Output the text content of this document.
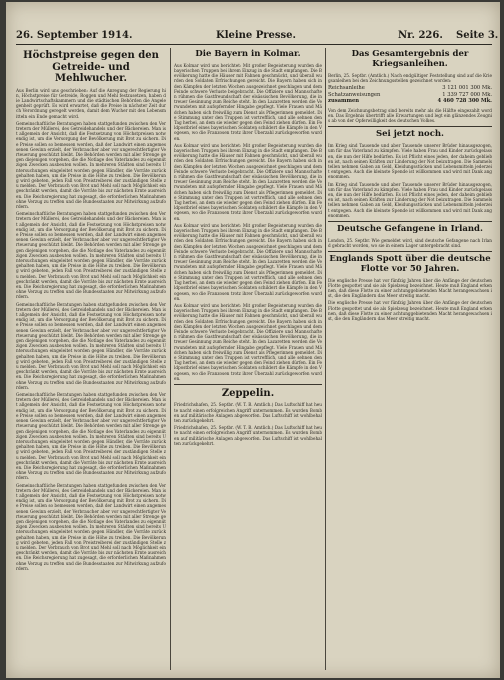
26. September 1914.	Kleine Presse.	Nr. 226. Seite 3.
Höchstpreise gegen den Getreide- und Mehlwucher.

Aus Berlin wird uns geschrieben: Auf die Anregung der Regierung hin, Höchstpreise für Getreide, Roggen und Mehl festzusetzen, haben die Landwirtschaftskammern und die städtischen Behörden die Angelegenheit geprüft. Es wird erwartet, daß die Preise in nächster Zeit durch Verordnung geregelt werden, damit dem Wucher mit den Lebensmitteln ein Ende gemacht wird.

Gemeinschaftliche Beratungen haben stattgefunden zwischen den Vertretern der Müllerei, des Getreidehandels und der Bäckereien. Man ist allgemein der Ansicht, daß die Festsetzung von Höchstpreisen notwendig ist, um die Versorgung der Bevölkerung mit Brot zu sichern. Die Preise sollen so bemessen werden, daß der Landwirt einen angemessenen Gewinn erzielt, der Verbraucher aber vor ungerechtfertigter Verteuerung geschützt bleibt. Die Behörden werden mit aller Strenge gegen diejenigen vorgehen, die die Notlage des Vaterlandes zu eigennützigen Zwecken ausbeuten wollen. In mehreren Städten sind bereits Untersuchungen eingeleitet worden gegen Händler, die Vorräte zurückgehalten haben, um die Preise in die Höhe zu treiben. Die Bevölkerung wird gebeten, jeden Fall von Preistreiberei der zuständigen Stelle zu melden. Der Verbrauch von Brot und Mehl soll nach Möglichkeit eingeschränkt werden, damit die Vorräte bis zur nächsten Ernte ausreichen. Die Reichsregierung hat zugesagt, die erforderlichen Maßnahmen ohne Verzug zu treffen und die Bundesstaaten zur Mitwirkung aufzufordern.

Gemeinschaftliche Beratungen haben stattgefunden zwischen den Vertretern der Müllerei, des Getreidehandels und der Bäckereien. Man ist allgemein der Ansicht, daß die Festsetzung von Höchstpreisen notwendig ist, um die Versorgung der Bevölkerung mit Brot zu sichern. Die Preise sollen so bemessen werden, daß der Landwirt einen angemessenen Gewinn erzielt, der Verbraucher aber vor ungerechtfertigter Verteuerung geschützt bleibt. Die Behörden werden mit aller Strenge gegen diejenigen vorgehen, die die Notlage des Vaterlandes zu eigennützigen Zwecken ausbeuten wollen. In mehreren Städten sind bereits Untersuchungen eingeleitet worden gegen Händler, die Vorräte zurückgehalten haben, um die Preise in die Höhe zu treiben. Die Bevölkerung wird gebeten, jeden Fall von Preistreiberei der zuständigen Stelle zu melden. Der Verbrauch von Brot und Mehl soll nach Möglichkeit eingeschränkt werden, damit die Vorräte bis zur nächsten Ernte ausreichen. Die Reichsregierung hat zugesagt, die erforderlichen Maßnahmen ohne Verzug zu treffen und die Bundesstaaten zur Mitwirkung aufzufordern.

Gemeinschaftliche Beratungen haben stattgefunden zwischen den Vertretern der Müllerei, des Getreidehandels und der Bäckereien. Man ist allgemein der Ansicht, daß die Festsetzung von Höchstpreisen notwendig ist, um die Versorgung der Bevölkerung mit Brot zu sichern. Die Preise sollen so bemessen werden, daß der Landwirt einen angemessenen Gewinn erzielt, der Verbraucher aber vor ungerechtfertigter Verteuerung geschützt bleibt. Die Behörden werden mit aller Strenge gegen diejenigen vorgehen, die die Notlage des Vaterlandes zu eigennützigen Zwecken ausbeuten wollen. In mehreren Städten sind bereits Untersuchungen eingeleitet worden gegen Händler, die Vorräte zurückgehalten haben, um die Preise in die Höhe zu treiben. Die Bevölkerung wird gebeten, jeden Fall von Preistreiberei der zuständigen Stelle zu melden. Der Verbrauch von Brot und Mehl soll nach Möglichkeit eingeschränkt werden, damit die Vorräte bis zur nächsten Ernte ausreichen. Die Reichsregierung hat zugesagt, die erforderlichen Maßnahmen ohne Verzug zu treffen und die Bundesstaaten zur Mitwirkung aufzufordern.

Gemeinschaftliche Beratungen haben stattgefunden zwischen den Vertretern der Müllerei, des Getreidehandels und der Bäckereien. Man ist allgemein der Ansicht, daß die Festsetzung von Höchstpreisen notwendig ist, um die Versorgung der Bevölkerung mit Brot zu sichern. Die Preise sollen so bemessen werden, daß der Landwirt einen angemessenen Gewinn erzielt, der Verbraucher aber vor ungerechtfertigter Verteuerung geschützt bleibt. Die Behörden werden mit aller Strenge gegen diejenigen vorgehen, die die Notlage des Vaterlandes zu eigennützigen Zwecken ausbeuten wollen. In mehreren Städten sind bereits Untersuchungen eingeleitet worden gegen Händler, die Vorräte zurückgehalten haben, um die Preise in die Höhe zu treiben. Die Bevölkerung wird gebeten, jeden Fall von Preistreiberei der zuständigen Stelle zu melden. Der Verbrauch von Brot und Mehl soll nach Möglichkeit eingeschränkt werden, damit die Vorräte bis zur nächsten Ernte ausreichen. Die Reichsregierung hat zugesagt, die erforderlichen Maßnahmen ohne Verzug zu treffen und die Bundesstaaten zur Mitwirkung aufzufordern.

Gemeinschaftliche Beratungen haben stattgefunden zwischen den Vertretern der Müllerei, des Getreidehandels und der Bäckereien. Man ist allgemein der Ansicht, daß die Festsetzung von Höchstpreisen notwendig ist, um die Versorgung der Bevölkerung mit Brot zu sichern. Die Preise sollen so bemessen werden, daß der Landwirt einen angemessenen Gewinn erzielt, der Verbraucher aber vor ungerechtfertigter Verteuerung geschützt bleibt. Die Behörden werden mit aller Strenge gegen diejenigen vorgehen, die die Notlage des Vaterlandes zu eigennützigen Zwecken ausbeuten wollen. In mehreren Städten sind bereits Untersuchungen eingeleitet worden gegen Händler, die Vorräte zurückgehalten haben, um die Preise in die Höhe zu treiben. Die Bevölkerung wird gebeten, jeden Fall von Preistreiberei der zuständigen Stelle zu melden. Der Verbrauch von Brot und Mehl soll nach Möglichkeit eingeschränkt werden, damit die Vorräte bis zur nächsten Ernte ausreichen. Die Reichsregierung hat zugesagt, die erforderlichen Maßnahmen ohne Verzug zu treffen und die Bundesstaaten zur Mitwirkung aufzufordern.

Die Bayern in Kolmar.

Aus Kolmar wird uns berichtet: Mit großer Begeisterung wurden die bayerischen Truppen bei ihrem Einzug in die Stadt empfangen. Die Bevölkerung hatte die Häuser mit Fahnen geschmückt, und überall wurden den Soldaten Erfrischungen gereicht. Die Bayern haben sich in den Kämpfen der letzten Wochen ausgezeichnet geschlagen und dem Feinde schwere Verluste beigebracht. Die Offiziere und Mannschaften rühmen die Gastfreundschaft der elsässischen Bevölkerung, die in treuer Gesinnung zum Reiche steht. In den Lazaretten werden die Verwundeten mit aufopfernder Hingabe gepflegt. Viele Frauen und Mädchen haben sich freiwillig zum Dienst als Pflegerinnen gemeldet. Die Stimmung unter den Truppen ist vortrefflich, und alle sehnen den Tag herbei, an dem sie wieder gegen den Feind ziehen dürfen. Ein Feldpostbrief eines bayerischen Soldaten schildert die Kämpfe in den Vogesen, wo die Franzosen trotz ihrer Überzahl zurückgeworfen wurden.

Aus Kolmar wird uns berichtet: Mit großer Begeisterung wurden die bayerischen Truppen bei ihrem Einzug in die Stadt empfangen. Die Bevölkerung hatte die Häuser mit Fahnen geschmückt, und überall wurden den Soldaten Erfrischungen gereicht. Die Bayern haben sich in den Kämpfen der letzten Wochen ausgezeichnet geschlagen und dem Feinde schwere Verluste beigebracht. Die Offiziere und Mannschaften rühmen die Gastfreundschaft der elsässischen Bevölkerung, die in treuer Gesinnung zum Reiche steht. In den Lazaretten werden die Verwundeten mit aufopfernder Hingabe gepflegt. Viele Frauen und Mädchen haben sich freiwillig zum Dienst als Pflegerinnen gemeldet. Die Stimmung unter den Truppen ist vortrefflich, und alle sehnen den Tag herbei, an dem sie wieder gegen den Feind ziehen dürfen. Ein Feldpostbrief eines bayerischen Soldaten schildert die Kämpfe in den Vogesen, wo die Franzosen trotz ihrer Überzahl zurückgeworfen wurden.

Aus Kolmar wird uns berichtet: Mit großer Begeisterung wurden die bayerischen Truppen bei ihrem Einzug in die Stadt empfangen. Die Bevölkerung hatte die Häuser mit Fahnen geschmückt, und überall wurden den Soldaten Erfrischungen gereicht. Die Bayern haben sich in den Kämpfen der letzten Wochen ausgezeichnet geschlagen und dem Feinde schwere Verluste beigebracht. Die Offiziere und Mannschaften rühmen die Gastfreundschaft der elsässischen Bevölkerung, die in treuer Gesinnung zum Reiche steht. In den Lazaretten werden die Verwundeten mit aufopfernder Hingabe gepflegt. Viele Frauen und Mädchen haben sich freiwillig zum Dienst als Pflegerinnen gemeldet. Die Stimmung unter den Truppen ist vortrefflich, und alle sehnen den Tag herbei, an dem sie wieder gegen den Feind ziehen dürfen. Ein Feldpostbrief eines bayerischen Soldaten schildert die Kämpfe in den Vogesen, wo die Franzosen trotz ihrer Überzahl zurückgeworfen wurden.

Aus Kolmar wird uns berichtet: Mit großer Begeisterung wurden die bayerischen Truppen bei ihrem Einzug in die Stadt empfangen. Die Bevölkerung hatte die Häuser mit Fahnen geschmückt, und überall wurden den Soldaten Erfrischungen gereicht. Die Bayern haben sich in den Kämpfen der letzten Wochen ausgezeichnet geschlagen und dem Feinde schwere Verluste beigebracht. Die Offiziere und Mannschaften rühmen die Gastfreundschaft der elsässischen Bevölkerung, die in treuer Gesinnung zum Reiche steht. In den Lazaretten werden die Verwundeten mit aufopfernder Hingabe gepflegt. Viele Frauen und Mädchen haben sich freiwillig zum Dienst als Pflegerinnen gemeldet. Die Stimmung unter den Truppen ist vortrefflich, und alle sehnen den Tag herbei, an dem sie wieder gegen den Feind ziehen dürfen. Ein Feldpostbrief eines bayerischen Soldaten schildert die Kämpfe in den Vogesen, wo die Franzosen trotz ihrer Überzahl zurückgeworfen wurden.

Zeppelin.

Friedrichshafen, 25. Septbr. (W. T. B. Amtlich.) Das Luftschiff hat heute nacht einen erfolgreichen Angriff unternommen. Es wurden Bomben auf militärische Anlagen abgeworfen. Das Luftschiff ist wohlbehalten zurückgekehrt.

Friedrichshafen, 25. Septbr. (W. T. B. Amtlich.) Das Luftschiff hat heute nacht einen erfolgreichen Angriff unternommen. Es wurden Bomben auf militärische Anlagen abgeworfen. Das Luftschiff ist wohlbehalten zurückgekehrt.

Das Gesamtergebnis der Kriegsanleihen.

Berlin, 25. Septbr. (Amtlich.) Nach endgültiger Feststellung sind auf die Kriegsanleihen bei den Zeichnungsstellen gezeichnet worden:

Reichsanleihe	3 121 001 300 Mk.
Schatzanweisungen	1 339 727 000 Mk.
zusammen	4 460 728 300 Mk.

Von dem Zeichnungsbetrag sind bereits mehr als die Hälfte eingezahlt worden. Das Ergebnis übertrifft alle Erwartungen und legt ein glänzendes Zeugnis ab von der Opferwilligkeit des deutschen Volkes.

Sei jetzt noch.

Im Krieg sind Tausende und aber Tausende unserer Brüder hinausgezogen, um für das Vaterland zu kämpfen. Viele haben Frau und Kinder zurückgelassen, die nun der Hilfe bedürfen. Es ist Pflicht eines jeden, der daheim geblieben ist, nach seinen Kräften zur Linderung der Not beizutragen. Die Sammelstellen nehmen Gaben an Geld, Kleidungsstücken und Lebensmitteln jederzeit entgegen. Auch die kleinste Spende ist willkommen und wird mit Dank angenommen.

Im Krieg sind Tausende und aber Tausende unserer Brüder hinausgezogen, um für das Vaterland zu kämpfen. Viele haben Frau und Kinder zurückgelassen, die nun der Hilfe bedürfen. Es ist Pflicht eines jeden, der daheim geblieben ist, nach seinen Kräften zur Linderung der Not beizutragen. Die Sammelstellen nehmen Gaben an Geld, Kleidungsstücken und Lebensmitteln jederzeit entgegen. Auch die kleinste Spende ist willkommen und wird mit Dank angenommen.

Deutsche Gefangene in Irland.

London, 25. Septbr. Wie gemeldet wird, sind deutsche Gefangene nach Irland gebracht worden, wo sie in einem Lager untergebracht sind.

Englands Spott über die deutsche Flotte vor 50 Jahren.

Die englische Presse hat vor fünfzig Jahren über die Anfänge der deutschen Flotte gespottet und sie als Spielzeug bezeichnet. Heute muß England erkennen, daß diese Flotte zu einer achtunggebietenden Macht herangewachsen ist, die den Engländern das Meer streitig macht.

Die englische Presse hat vor fünfzig Jahren über die Anfänge der deutschen Flotte gespottet und sie als Spielzeug bezeichnet. Heute muß England erkennen, daß diese Flotte zu einer achtunggebietenden Macht herangewachsen ist, die den Engländern das Meer streitig macht.
